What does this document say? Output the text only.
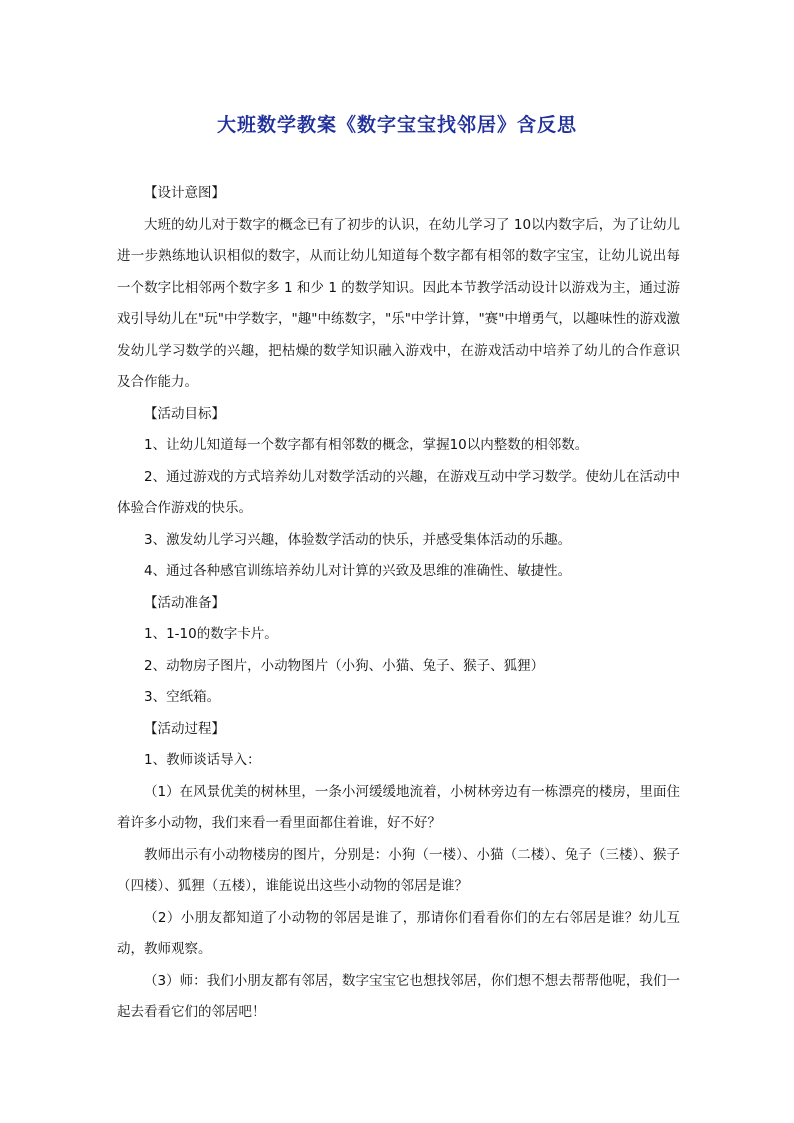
大班数学教案《数字宝宝找邻居》含反思

【设计意图】

大班的幼儿对于数字的概念已有了初步的认识，在幼儿学习了 10以内数字后，为了让幼儿进一步熟练地认识相似的数字，从而让幼儿知道每个数字都有相邻的数字宝宝，让幼儿说出每一个数字比相邻两个数字多 1 和少 1 的数学知识。因此本节教学活动设计以游戏为主，通过游戏引导幼儿在"玩"中学数字，"趣"中练数字，"乐"中学计算，"赛"中增勇气，以趣味性的游戏激发幼儿学习数学的兴趣，把枯燥的数学知识融入游戏中，在游戏活动中培养了幼儿的合作意识及合作能力。

【活动目标】

1、让幼儿知道每一个数字都有相邻数的概念，掌握10以内整数的相邻数。

2、通过游戏的方式培养幼儿对数学活动的兴趣，在游戏互动中学习数学。使幼儿在活动中体验合作游戏的快乐。

3、激发幼儿学习兴趣，体验数学活动的快乐，并感受集体活动的乐趣。

4、通过各种感官训练培养幼儿对计算的兴致及思维的准确性、敏捷性。

【活动准备】

1、1-10的数字卡片。

2、动物房子图片，小动物图片（小狗、小猫、兔子、猴子、狐狸）

3、空纸箱。

【活动过程】

1、教师谈话导入：

（1）在风景优美的树林里，一条小河缓缓地流着，小树林旁边有一栋漂亮的楼房，里面住着许多小动物，我们来看一看里面都住着谁，好不好？

教师出示有小动物楼房的图片，分别是：小狗（一楼）、小猫（二楼）、兔子（三楼）、猴子（四楼）、狐狸（五楼），谁能说出这些小动物的邻居是谁？

（2）小朋友都知道了小动物的邻居是谁了，那请你们看看你们的左右邻居是谁？幼儿互动，教师观察。

（3）师：我们小朋友都有邻居，数字宝宝它也想找邻居，你们想不想去帮帮他呢，我们一起去看看它们的邻居吧！
